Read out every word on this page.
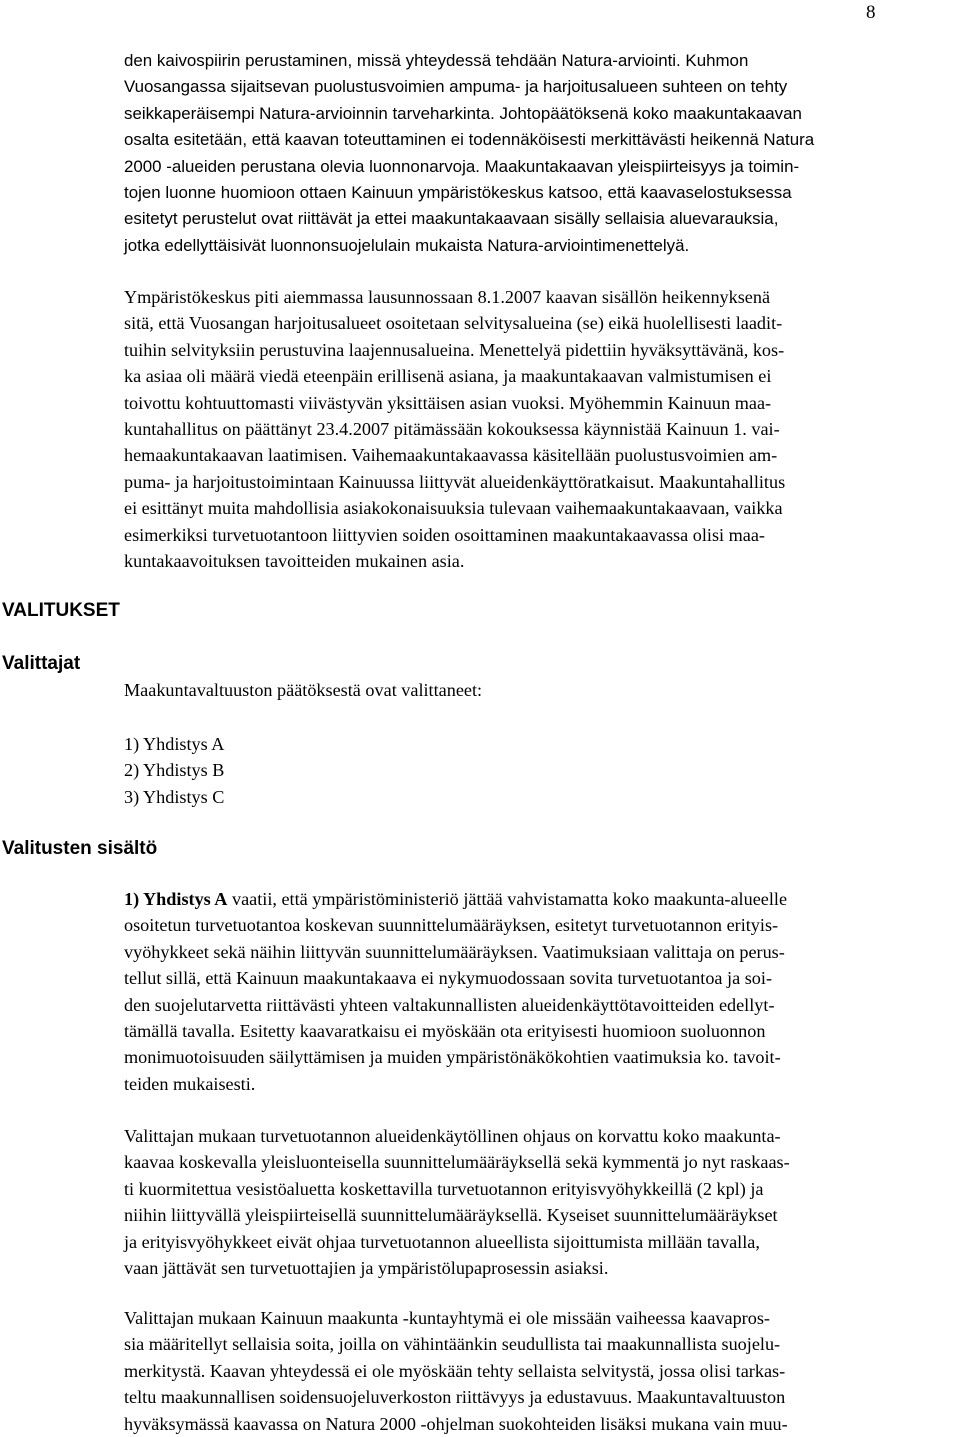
8
den kaivospiirin perustaminen, missä yhteydessä tehdään Natura-arviointi. Kuhmon
Vuosangassa sijaitsevan puolustusvoimien ampuma- ja harjoitusalueen suhteen on tehty
seikkaperäisempi Natura-arvioinnin tarveharkinta. Johtopäätöksenä koko maakuntakaavan
osalta esitetään, että kaavan toteuttaminen ei todennäköisesti merkittävästi heikennä Natura
2000 -alueiden perustana olevia luonnonarvoja. Maakuntakaavan yleispiirteisyys ja toimin-
tojen luonne huomioon ottaen Kainuun ympäristökeskus katsoo, että kaavaselostuksessa
esitetyt perustelut ovat riittävät ja ettei maakuntakaavaan sisälly sellaisia aluevarauksia,
jotka edellyttäisivät luonnonsuojelulain mukaista Natura-arviointimenettelyä.
Ympäristökeskus piti aiemmassa lausunnossaan 8.1.2007 kaavan sisällön heikennyksenä
sitä, että Vuosangan harjoitusalueet osoitetaan selvitysalueina (se) eikä huolellisesti laadit-
tuihin selvityksiin perustuvina laajennusalueina. Menettelyä pidettiin hyväksyttävänä, kos-
ka asiaa oli määrä viedä eteenpäin erillisenä asiana, ja maakuntakaavan valmistumisen ei
toivottu kohtuuttomasti viivästyvän yksittäisen asian vuoksi. Myöhemmin Kainuun maa-
kuntahallitus on päättänyt 23.4.2007 pitämässään kokouksessa käynnistää Kainuun 1. vai-
hemaakuntakaavan laatimisen. Vaihemaakuntakaavassa käsitellään puolustusvoimien am-
puma- ja harjoitustoimintaan Kainuussa liittyvät alueidenkäyttöratkaisut. Maakuntahallitus
ei esittänyt muita mahdollisia asiakokonaisuuksia tulevaan vaihemaakuntakaavaan, vaikka
esimerkiksi turvetuotantoon liittyvien soiden osoittaminen maakuntakaavassa olisi maa-
kuntakaavoituksen tavoitteiden mukainen asia.
VALITUKSET
Valittajat
Valitusten sisältö
Maakuntavaltuuston päätöksestä ovat valittaneet:
1) Yhdistys A
2) Yhdistys B
3) Yhdistys C
1) Yhdistys A vaatii, että ympäristöministeriö jättää vahvistamatta koko maakunta-alueelle
osoitetun turvetuotantoa koskevan suunnittelumääräyksen, esitetyt turvetuotannon erityis-
vyöhykkeet sekä näihin liittyvän suunnittelumääräyksen. Vaatimuksiaan valittaja on perus-
tellut sillä, että Kainuun maakuntakaava ei nykymuodossaan sovita turvetuotantoa ja soi-
den suojelutarvetta riittävästi yhteen valtakunnallisten alueidenkäyttötavoitteiden edellyt-
tämällä tavalla. Esitetty kaavaratkaisu ei myöskään ota erityisesti huomioon suoluonnon
monimuotoisuuden säilyttämisen ja muiden ympäristönäkökohtien vaatimuksia ko. tavoit-
teiden mukaisesti.
Valittajan mukaan turvetuotannon alueidenkäytöllinen ohjaus on korvattu koko maakunta-
kaavaa koskevalla yleisluonteisella suunnittelumääräyksellä sekä kymmentä jo nyt raskaas-
ti kuormitettua vesistöaluetta koskettavilla turvetuotannon erityisvyöhykkeillä (2 kpl) ja
niihin liittyvällä yleispiirteisellä suunnittelumääräyksellä. Kyseiset suunnittelumääräykset
ja erityisvyöhykkeet eivät ohjaa turvetuotannon alueellista sijoittumista millään tavalla,
vaan jättävät sen turvetuottajien ja ympäristölupaprosessin asiaksi.
Valittajan mukaan Kainuun maakunta -kuntayhtymä ei ole missään vaiheessa kaavapros-
sia määritellyt sellaisia soita, joilla on vähintäänkin seudullista tai maakunnallista suojelu-
merkitystä. Kaavan yhteydessä ei ole myöskään tehty sellaista selvitystä, jossa olisi tarkas-
teltu maakunnallisen soidensuojeluverkoston riittävyys ja edustavuus. Maakuntavaltuuston
hyväksymässä kaavassa on Natura 2000 -ohjelman suokohteiden lisäksi mukana vain muu-
